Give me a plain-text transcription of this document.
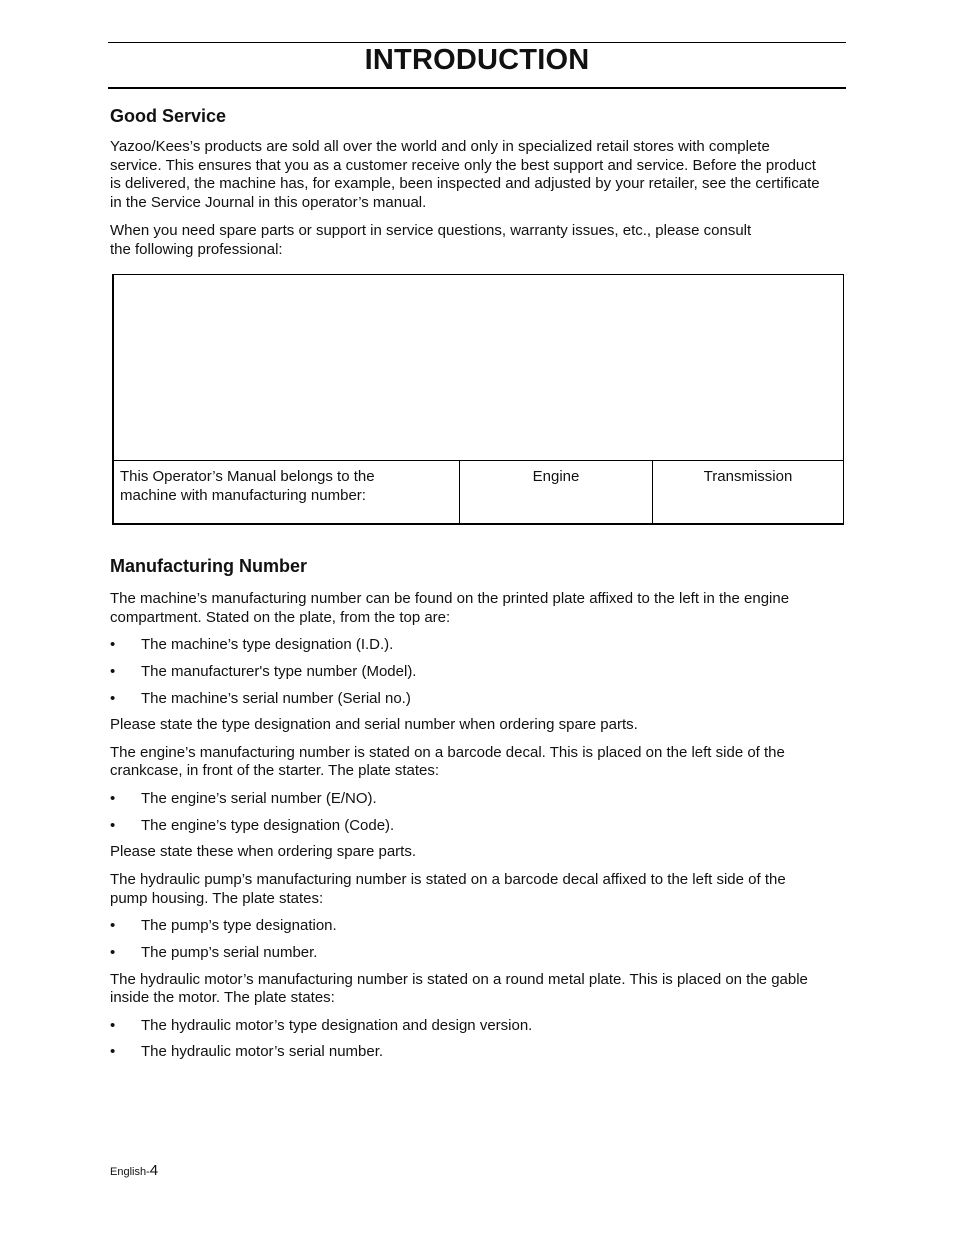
INTRODUCTION
Good Service

Yazoo/Kees’s products are sold all over the world and only in specialized retail stores with complete
service. This ensures that you as a customer receive only the best support and service. Before the product
is delivered, the machine has, for example, been inspected and adjusted by your retailer, see the certificate
in the Service Journal in this operator’s manual.

When you need spare parts or support in service questions, warranty issues, etc., please consult
the following professional:

This Operator’s Manual belongs to the
machine with manufacturing number:
Engine	Transmission
Manufacturing Number

The machine’s manufacturing number can be found on the printed plate affixed to the left in the engine
compartment. Stated on the plate, from the top are:

• The machine’s type designation (I.D.).
• The manufacturer's type number (Model).
• The machine’s serial number (Serial no.)

Please state the type designation and serial number when ordering spare parts.

The engine’s manufacturing number is stated on a barcode decal. This is placed on the left side of the
crankcase, in front of the starter. The plate states:

• The engine’s serial number (E/NO).
• The engine’s type designation (Code).

Please state these when ordering spare parts.

The hydraulic pump’s manufacturing number is stated on a barcode decal affixed to the left side of the
pump housing. The plate states:

• The pump’s type designation.
• The pump’s serial number.

The hydraulic motor’s manufacturing number is stated on a round metal plate. This is placed on the gable
inside the motor. The plate states:

• The hydraulic motor’s type designation and design version.
• The hydraulic motor’s serial number.
English-4
